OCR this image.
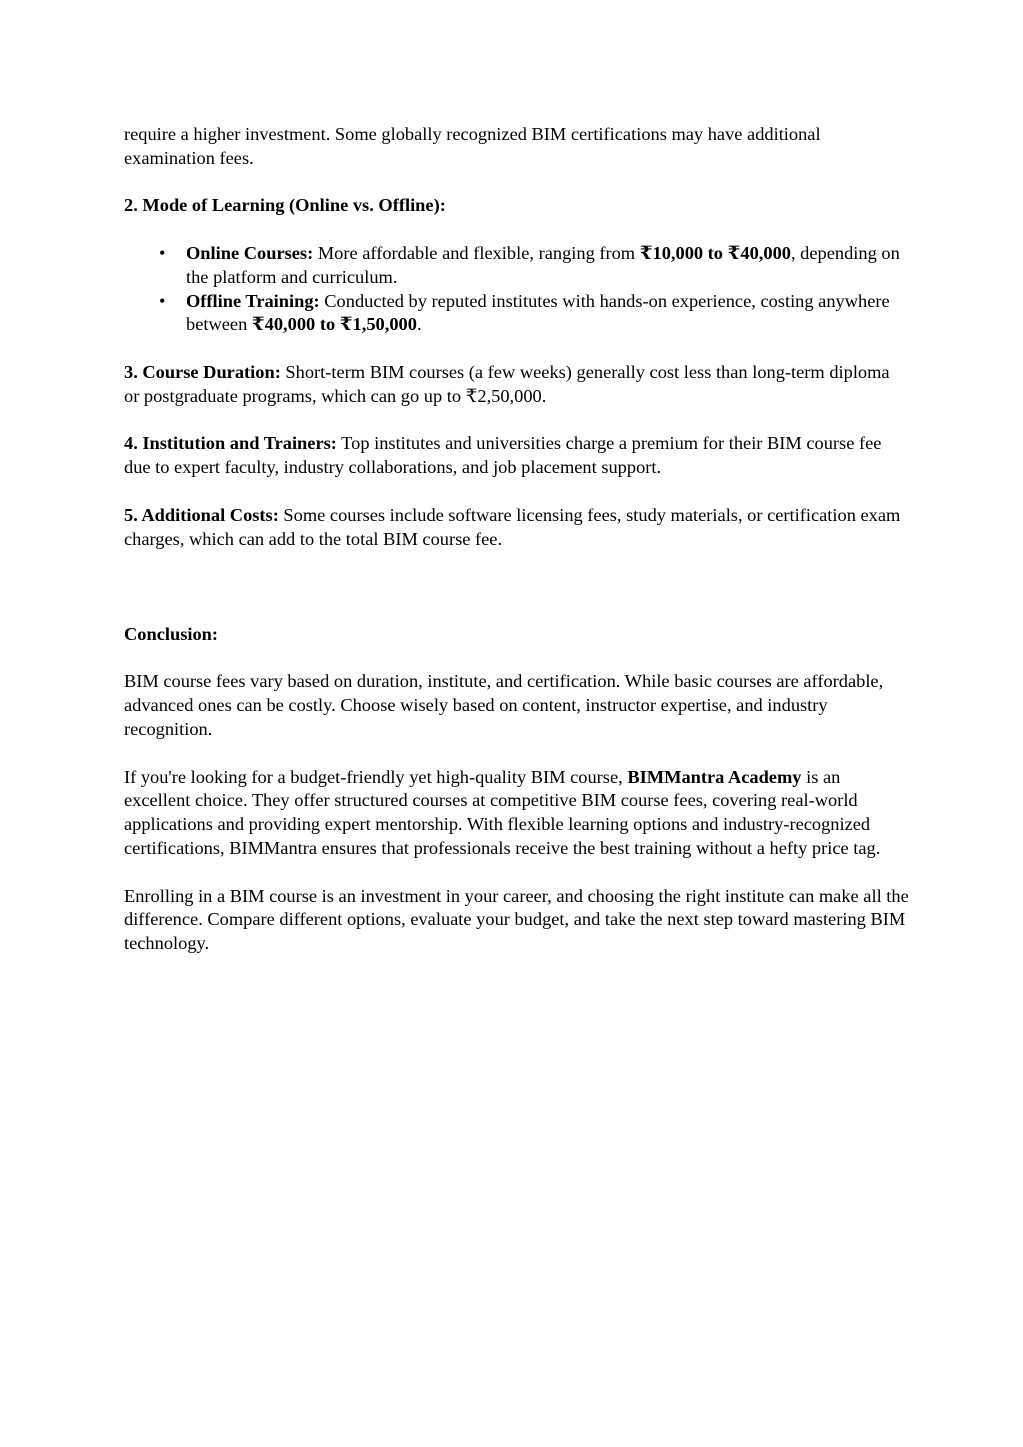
require a higher investment. Some globally recognized BIM certifications may have additional examination fees.

2. Mode of Learning (Online vs. Offline):

• Online Courses: More affordable and flexible, ranging from ₹10,000 to ₹40,000, depending on the platform and curriculum.
• Offline Training: Conducted by reputed institutes with hands-on experience, costing anywhere between ₹40,000 to ₹1,50,000.

3. Course Duration: Short-term BIM courses (a few weeks) generally cost less than long-term diploma or postgraduate programs, which can go up to ₹2,50,000.

4. Institution and Trainers: Top institutes and universities charge a premium for their BIM course fee due to expert faculty, industry collaborations, and job placement support.

5. Additional Costs: Some courses include software licensing fees, study materials, or certification exam charges, which can add to the total BIM course fee.

Conclusion:

BIM course fees vary based on duration, institute, and certification. While basic courses are affordable, advanced ones can be costly. Choose wisely based on content, instructor expertise, and industry recognition.

If you're looking for a budget-friendly yet high-quality BIM course, BIMMantra Academy is an excellent choice. They offer structured courses at competitive BIM course fees, covering real-world applications and providing expert mentorship. With flexible learning options and industry-recognized certifications, BIMMantra ensures that professionals receive the best training without a hefty price tag.

Enrolling in a BIM course is an investment in your career, and choosing the right institute can make all the difference. Compare different options, evaluate your budget, and take the next step toward mastering BIM technology.
